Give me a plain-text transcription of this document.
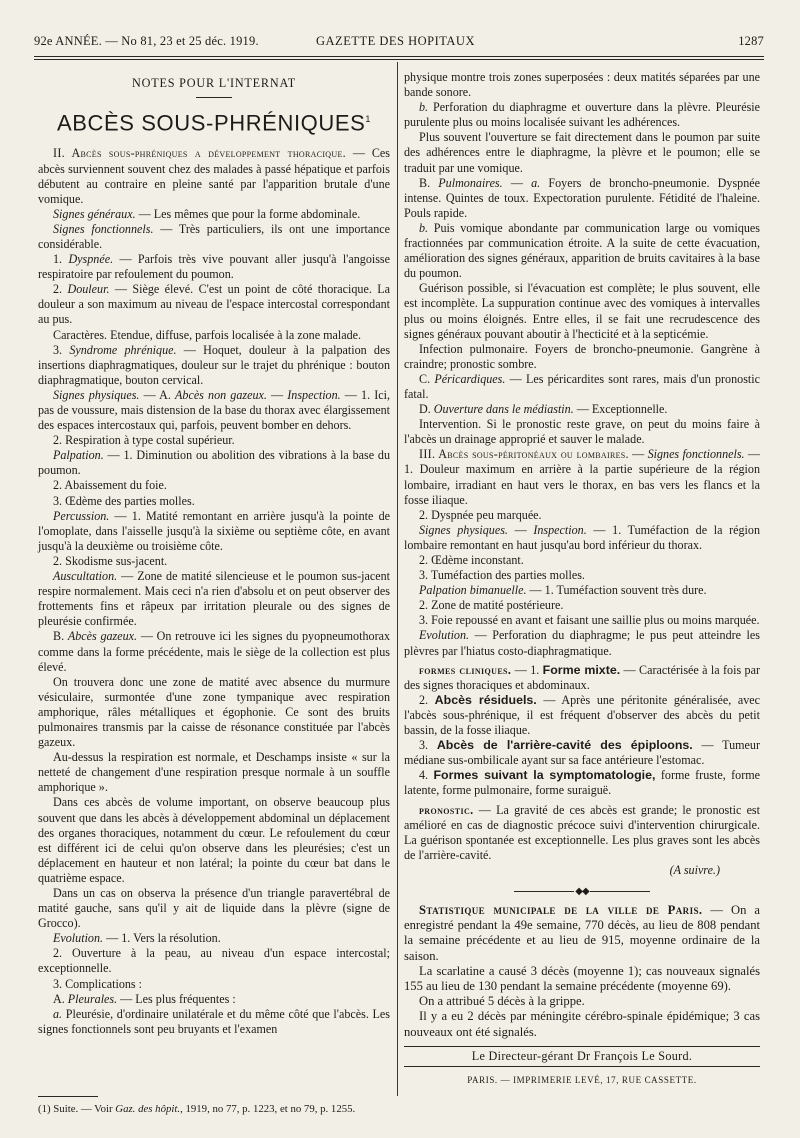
92e ANNÉE. — No 81, 23 et 25 déc. 1919.	GAZETTE DES HOPITAUX	1287
NOTES POUR L'INTERNAT
ABCÈS SOUS-PHRÉNIQUES$^1$

II. Abcès sous-phréniques a développement thoracique. — Ces abcès surviennent souvent chez des malades à passé hépatique et parfois débutent au contraire en pleine santé par l'apparition brutale d'une vomique.

Signes généraux. — Les mêmes que pour la forme abdominale.

Signes fonctionnels. — Très particuliers, ils ont une importance considérable.

1. Dyspnée. — Parfois très vive pouvant aller jusqu'à l'angoisse respiratoire par refoulement du poumon.

2. Douleur. — Siège élevé. C'est un point de côté thoracique. La douleur a son maximum au niveau de l'espace intercostal correspondant au pus.

Caractères. Etendue, diffuse, parfois localisée à la zone malade.

3. Syndrome phrénique. — Hoquet, douleur à la palpation des insertions diaphragmatiques, douleur sur le trajet du phrénique : bouton diaphragmatique, bouton cervical.

Signes physiques. — A. Abcès non gazeux. — Inspection. — 1. Ici, pas de voussure, mais distension de la base du thorax avec élargissement des espaces intercostaux qui, parfois, peuvent bomber en dehors.

2. Respiration à type costal supérieur.

Palpation. — 1. Diminution ou abolition des vibrations à la base du poumon.

2. Abaissement du foie.

3. Œdème des parties molles.

Percussion. — 1. Matité remontant en arrière jusqu'à la pointe de l'omoplate, dans l'aisselle jusqu'à la sixième ou septième côte, en avant jusqu'à la deuxième ou troisième côte.

2. Skodisme sus-jacent.

Auscultation. — Zone de matité silencieuse et le poumon sus-jacent respire normalement. Mais ceci n'a rien d'absolu et on peut observer des frottements fins et râpeux par irritation pleurale ou des signes de pleurésie confirmée.

B. Abcès gazeux. — On retrouve ici les signes du pyopneumothorax comme dans la forme précédente, mais le siège de la collection est plus élevé.

On trouvera donc une zone de matité avec absence du murmure vésiculaire, surmontée d'une zone tympanique avec respiration amphorique, râles métalliques et égophonie. Ce sont des bruits pulmonaires transmis par la caisse de résonance constituée par l'abcès gazeux.

Au-dessus la respiration est normale, et Deschamps insiste « sur la netteté de changement d'une respiration presque normale à un souffle amphorique ».

Dans ces abcès de volume important, on observe beaucoup plus souvent que dans les abcès à développement abdominal un déplacement des organes thoraciques, notamment du cœur. Le refoulement du cœur est différent ici de celui qu'on observe dans les pleurésies; c'est un déplacement en hauteur et non latéral; la pointe du cœur bat dans le quatrième espace.

Dans un cas on observa la présence d'un triangle paravertébral de matité gauche, sans qu'il y ait de liquide dans la plèvre (signe de Grocco).

Evolution. — 1. Vers la résolution.

2. Ouverture à la peau, au niveau d'un espace intercostal; exceptionnelle.

3. Complications :

A. Pleurales. — Les plus fréquentes :

a. Pleurésie, d'ordinaire unilatérale et du même côté que l'abcès. Les signes fonctionnels sont peu bruyants et l'examen

(1) Suite. — Voir Gaz. des hôpit., 1919, no 77, p. 1223, et no 79, p. 1255.

physique montre trois zones superposées : deux matités séparées par une bande sonore.

b. Perforation du diaphragme et ouverture dans la plèvre. Pleurésie purulente plus ou moins localisée suivant les adhérences.

Plus souvent l'ouverture se fait directement dans le poumon par suite des adhérences entre le diaphragme, la plèvre et le poumon; elle se traduit par une vomique.

B. Pulmonaires. — a. Foyers de broncho-pneumonie. Dyspnée intense. Quintes de toux. Expectoration purulente. Fétidité de l'haleine. Pouls rapide.

b. Puis vomique abondante par communication large ou vomiques fractionnées par communication étroite. A la suite de cette évacuation, amélioration des signes généraux, apparition de bruits cavitaires à la base du poumon.

Guérison possible, si l'évacuation est complète; le plus souvent, elle est incomplète. La suppuration continue avec des vomiques à intervalles plus ou moins éloignés. Entre elles, il se fait une recrudescence des signes généraux pouvant aboutir à l'hecticité et à la septicémie.

Infection pulmonaire. Foyers de broncho-pneumonie. Gangrène à craindre; pronostic sombre.

C. Péricardiques. — Les péricardites sont rares, mais d'un pronostic fatal.

D. Ouverture dans le médiastin. — Exceptionnelle.

Intervention. Si le pronostic reste grave, on peut du moins faire à l'abcès un drainage approprié et sauver le malade.

III. Abcès sous-péritonéaux ou lombaires. — Signes fonctionnels. — 1. Douleur maximum en arrière à la partie supérieure de la région lombaire, irradiant en haut vers le thorax, en bas vers les flancs et la fosse iliaque.

2. Dyspnée peu marquée.

Signes physiques. — Inspection. — 1. Tuméfaction de la région lombaire remontant en haut jusqu'au bord inférieur du thorax.

2. Œdème inconstant.

3. Tuméfaction des parties molles.

Palpation bimanuelle. — 1. Tuméfaction souvent très dure.

2. Zone de matité postérieure.

3. Foie repoussé en avant et faisant une saillie plus ou moins marquée.

Evolution. — Perforation du diaphragme; le pus peut atteindre les plèvres par l'hiatus costo-diaphragmatique.

formes cliniques. — 1. Forme mixte. — Caractérisée à la fois par des signes thoraciques et abdominaux.

2. Abcès résiduels. — Après une péritonite généralisée, avec l'abcès sous-phrénique, il est fréquent d'observer des abcès du petit bassin, de la fosse iliaque.

3. Abcès de l'arrière-cavité des épiploons. — Tumeur médiane sus-ombilicale ayant sur sa face antérieure l'estomac.

4. Formes suivant la symptomatologie, forme fruste, forme latente, forme pulmonaire, forme suraiguë.

pronostic. — La gravité de ces abcès est grande; le pronostic est amélioré en cas de diagnostic précoce suivi d'intervention chirurgicale. La guérison spontanée est exceptionnelle. Les plus graves sont les abcès de l'arrière-cavité.

(A suivre.)

◆◆

Statistique municipale de la ville de Paris. — On a enregistré pendant la 49e semaine, 770 décès, au lieu de 808 pendant la semaine précédente et au lieu de 915, moyenne ordinaire de la saison.

La scarlatine a causé 3 décès (moyenne 1); cas nouveaux signalés 155 au lieu de 130 pendant la semaine précédente (moyenne 69).

On a attribué 5 décès à la grippe.

Il y a eu 2 décès par méningite cérébro-spinale épidémique; 3 cas nouveaux ont été signalés.

Le Directeur-gérant Dr François Le Sourd.
PARIS. — IMPRIMERIE LEVÉ, 17, RUE CASSETTE.
